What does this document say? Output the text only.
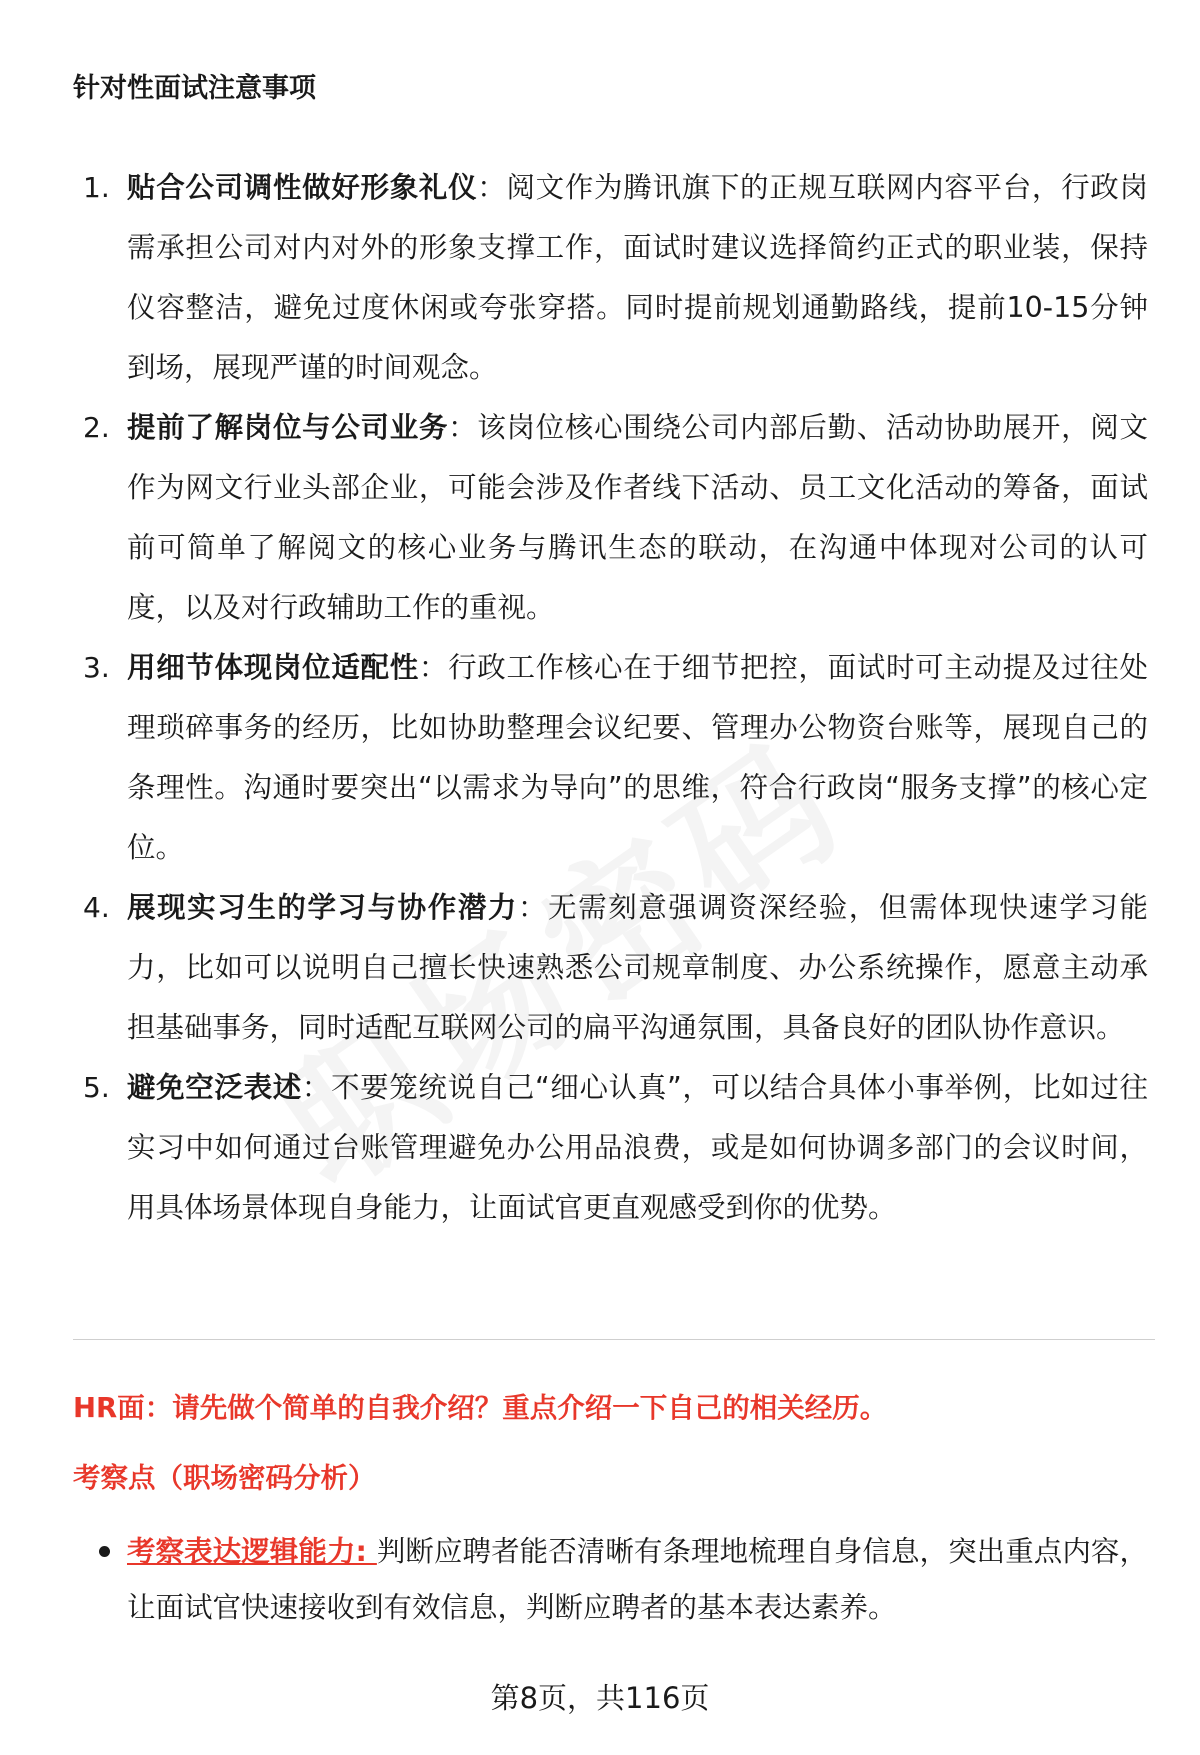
针对性面试注意事项
1. 贴合公司调性做好形象礼仪：阅文作为腾讯旗下的正规互联网内容平台，行政岗需承担公司对内对外的形象支撑工作，面试时建议选择简约正式的职业装，保持仪容整洁，避免过度休闲或夸张穿搭。同时提前规划通勤路线，提前10-15分钟到场，展现严谨的时间观念。
2. 提前了解岗位与公司业务：该岗位核心围绕公司内部后勤、活动协助展开，阅文作为网文行业头部企业，可能会涉及作者线下活动、员工文化活动的筹备，面试前可简单了解阅文的核心业务与腾讯生态的联动，在沟通中体现对公司的认可度，以及对行政辅助工作的重视。
3. 用细节体现岗位适配性：行政工作核心在于细节把控，面试时可主动提及过往处理琐碎事务的经历，比如协助整理会议纪要、管理办公物资台账等，展现自己的条理性。沟通时要突出“以需求为导向”的思维，符合行政岗“服务支撑”的核心定位。
4. 展现实习生的学习与协作潜力：无需刻意强调资深经验，但需体现快速学习能力，比如可以说明自己擅长快速熟悉公司规章制度、办公系统操作，愿意主动承担基础事务，同时适配互联网公司的扁平沟通氛围，具备良好的团队协作意识。
5. 避免空泛表述：不要笼统说自己“细心认真”，可以结合具体小事举例，比如过往实习中如何通过台账管理避免办公用品浪费，或是如何协调多部门的会议时间，用具体场景体现自身能力，让面试官更直观感受到你的优势。
HR面：请先做个简单的自我介绍？重点介绍一下自己的相关经历。
考察点（职场密码分析）
考察表达逻辑能力: 判断应聘者能否清晰有条理地梳理自身信息，突出重点内容，让面试官快速接收到有效信息，判断应聘者的基本表达素养。
第8页，共116页
